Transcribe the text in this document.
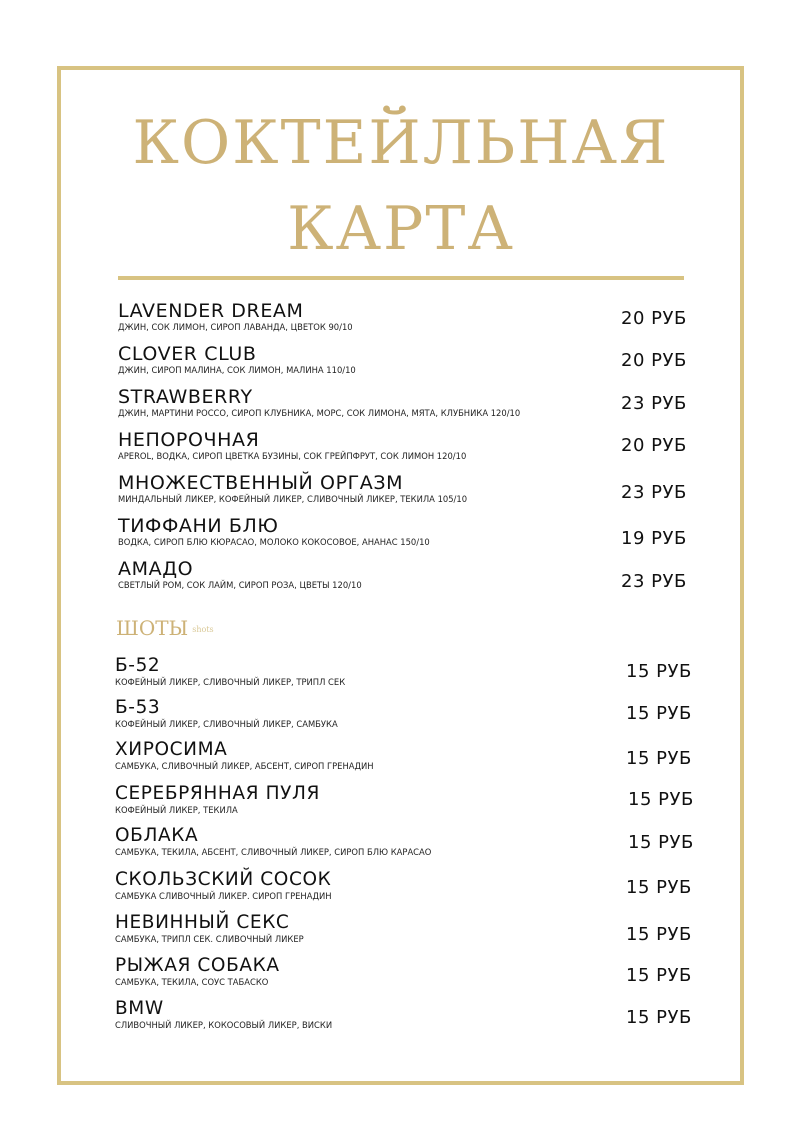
КОКТЕЙЛЬНАЯ
КАРТА
LAVENDER DREAM
ДЖИН, СОК ЛИМОН, СИРОП ЛАВАНДА, ЦВЕТОК 90/10	20 РУБ
CLOVER CLUB
ДЖИН, СИРОП МАЛИНА, СОК ЛИМОН, МАЛИНА 110/10	20 РУБ
STRAWBERRY
ДЖИН, МАРТИНИ РОССО, СИРОП КЛУБНИКА, МОРС, СОК ЛИМОНА, МЯТА, КЛУБНИКА 120/10	23 РУБ
НЕПОРОЧНАЯ
APEROL, ВОДКА, СИРОП ЦВЕТКА БУЗИНЫ, СОК ГРЕЙПФРУТ, СОК ЛИМОН 120/10	20 РУБ
МНОЖЕСТВЕННЫЙ ОРГАЗМ
МИНДАЛЬНЫЙ ЛИКЕР, КОФЕЙНЫЙ ЛИКЕР, СЛИВОЧНЫЙ ЛИКЕР, ТЕКИЛА 105/10	23 РУБ
ТИФФАНИ БЛЮ
ВОДКА, СИРОП БЛЮ КЮРАСАО, МОЛОКО КОКОСОВОЕ, АНАНАС 150/10	19 РУБ
АМАДО
СВЕТЛЫЙ РОМ, СОК ЛАЙМ, СИРОП РОЗА, ЦВЕТЫ 120/10	23 РУБ
ШОТЫ shots
Б-52
КОФЕЙНЫЙ ЛИКЕР, СЛИВОЧНЫЙ ЛИКЕР, ТРИПЛ СЕК	15 РУБ
Б-53
КОФЕЙНЫЙ ЛИКЕР, СЛИВОЧНЫЙ ЛИКЕР, САМБУКА	15 РУБ
ХИРОСИМА
САМБУКА, СЛИВОЧНЫЙ ЛИКЕР, АБСЕНТ, СИРОП ГРЕНАДИН	15 РУБ
СЕРЕБРЯННАЯ ПУЛЯ
КОФЕЙНЫЙ ЛИКЕР, ТЕКИЛА	15 РУБ
ОБЛАКА
САМБУКА, ТЕКИЛА, АБСЕНТ, СЛИВОЧНЫЙ ЛИКЕР, СИРОП БЛЮ КАРАСАО	15 РУБ
СКОЛЬЗСКИЙ СОСОК
САМБУКА СЛИВОЧНЫЙ ЛИКЕР. СИРОП ГРЕНАДИН	15 РУБ
НЕВИННЫЙ СЕКС
САМБУКА, ТРИПЛ СЕК. СЛИВОЧНЫЙ ЛИКЕР	15 РУБ
РЫЖАЯ СОБАКА
САМБУКА, ТЕКИЛА, СОУС ТАБАСКО	15 РУБ
BMW
СЛИВОЧНЫЙ ЛИКЕР, КОКОСОВЫЙ ЛИКЕР, ВИСКИ	15 РУБ
